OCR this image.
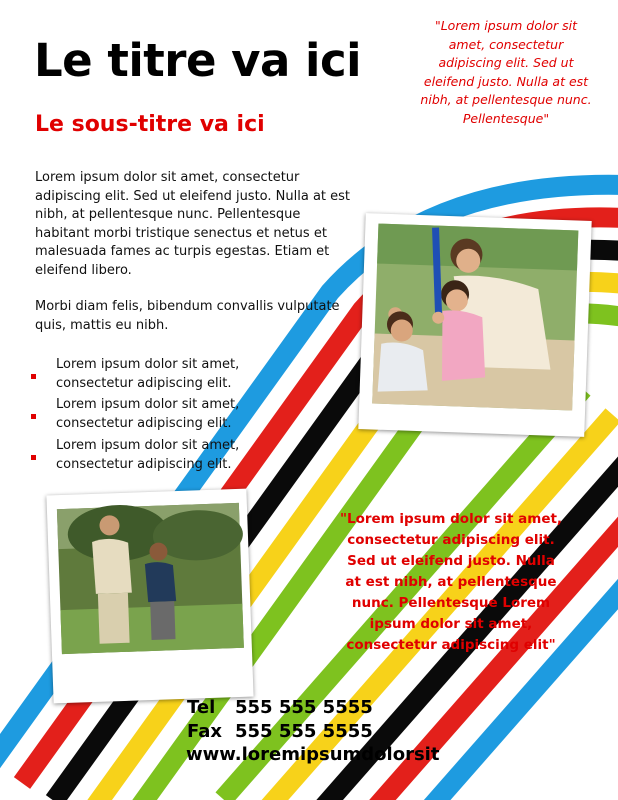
Le titre va ici
Le sous-titre va ici

"Lorem ipsum dolor sit amet, consectetur adipiscing elit. Sed ut eleifend justo. Nulla at est nibh, at pellentesque nunc. Pellentesque"

Lorem ipsum dolor sit amet, consectetur adipiscing elit. Sed ut eleifend justo. Nulla at est nibh, at pellentesque nunc. Pellentesque habitant morbi tristique senectus et netus et malesuada fames ac turpis egestas. Etiam et eleifend libero.

Morbi diam felis, bibendum convallis vulputate quis, mattis eu nibh.

Lorem ipsum dolor sit amet, consectetur adipiscing elit.
Lorem ipsum dolor sit amet, consectetur adipiscing elit.
Lorem ipsum dolor sit amet, consectetur adipiscing elit.

"Lorem ipsum dolor sit amet, consectetur adipiscing elit. Sed ut eleifend justo. Nulla at est nibh, at pellentesque nunc. Pellentesque Lorem ipsum dolor sit amet, consectetur adipiscing elit"

Tel 555 555 5555
Fax 555 555 5555
www.loremipsumdolorsit
